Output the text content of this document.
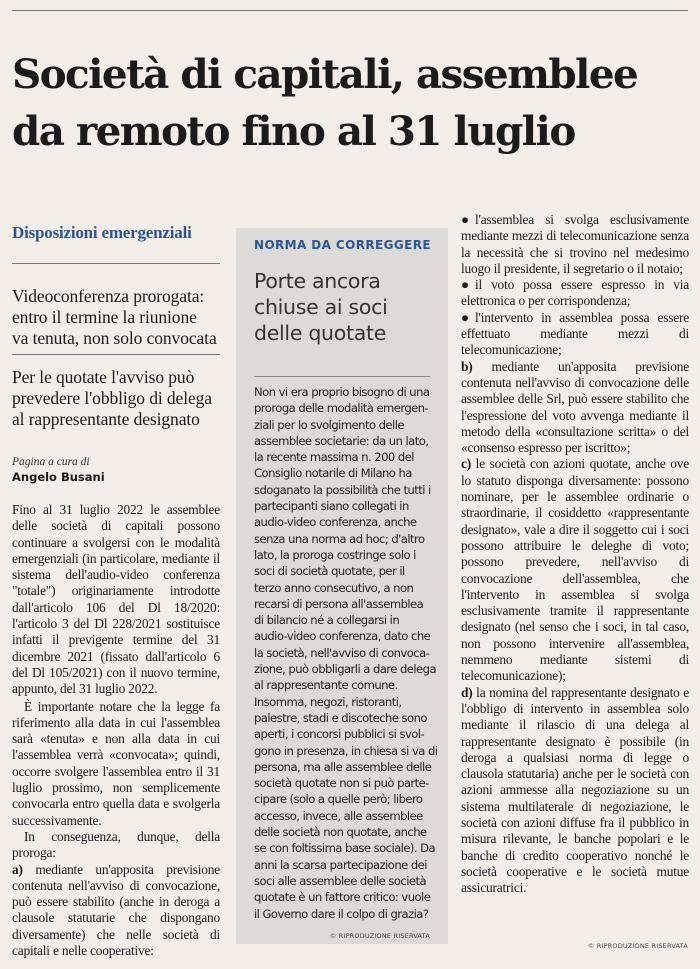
Società di capitali, assemblee
da remoto fino al 31 luglio
Disposizioni emergenziali

Videoconferenza prorogata:
entro il termine la riunione
va tenuta, non solo convocata

Per le quotate l'avviso può
prevedere l'obbligo di delega
al rappresentante designato

Pagina a cura di
Angelo Busani

Fino al 31 luglio 2022 le assemblee delle società di capitali possono continuare a svolgersi con le modalità emergenziali (in particolare, mediante il sistema dell'audio-video conferenza "totale") originariamente introdotte dall'articolo 106 del Dl 18/2020: l'articolo 3 del Dl 228/2021 sostituisce infatti il previgente termine del 31 dicembre 2021 (fissato dall'articolo 6 del Dl 105/2021) con il nuovo termine, appunto, del 31 luglio 2022.

È importante notare che la legge fa riferimento alla data in cui l'assemblea sarà «tenuta» e non alla data in cui l'assemblea verrà «convocata»; quindi, occorre svolgere l'assemblea entro il 31 luglio prossimo, non semplicemente convocarla entro quella data e svolgerla successivamente.

In conseguenza, dunque, della proroga:

a) mediante un'apposita previsione contenuta nell'avviso di convocazione, può essere stabilito (anche in deroga a clausole statutarie che dispongano diversamente) che nelle società di capitali e nelle cooperative:

NORMA DA CORREGGERE
Porte ancora
chiuse ai soci
delle quotate

Non vi era proprio bisogno di una
proroga delle modalità emergen-
ziali per lo svolgimento delle
assemblee societarie: da un lato,
la recente massima n. 200 del
Consiglio notarile di Milano ha
sdoganato la possibilità che tutti i
partecipanti siano collegati in
audio-video conferenza, anche
senza una norma ad hoc; d'altro
lato, la proroga costringe solo i
soci di società quotate, per il
terzo anno consecutivo, a non
recarsi di persona all'assemblea
di bilancio né a collegarsi in
audio-video conferenza, dato che
la società, nell'avviso di convoca-
zione, può obbligarli a dare delega
al rappresentante comune.
Insomma, negozi, ristoranti,
palestre, stadi e discoteche sono
aperti, i concorsi pubblici si svol-
gono in presenza, in chiesa si va di
persona, ma alle assemblee delle
società quotate non si può parte-
cipare (solo a quelle però; libero
accesso, invece, alle assemblee
delle società non quotate, anche
se con foltissima base sociale). Da
anni la scarsa partecipazione dei
soci alle assemblee delle società
quotate è un fattore critico: vuole
il Governo dare il colpo di grazia?

© RIPRODUZIONE RISERVATA

● l'assemblea si svolga esclusivamente mediante mezzi di telecomunicazione senza la necessità che si trovino nel medesimo luogo il presidente, il segretario o il notaio;

● il voto possa essere espresso in via elettronica o per corrispondenza;

● l'intervento in assemblea possa essere effettuato mediante mezzi di telecomunicazione;

b) mediante un'apposita previsione contenuta nell'avviso di convocazione delle assemblee delle Srl, può essere stabilito che l'espressione del voto avvenga mediante il metodo della «consultazione scritta» o del «consenso espresso per iscritto»;

c) le società con azioni quotate, anche ove lo statuto disponga diversamente: possono nominare, per le assemblee ordinarie o straordinarie, il cosiddetto «rappresentante designato», vale a dire il soggetto cui i soci possono attribuire le deleghe di voto; possono prevedere, nell'avviso di convocazione dell'assemblea, che l'intervento in assemblea si svolga esclusivamente tramite il rappresentante designato (nel senso che i soci, in tal caso, non possono intervenire all'assemblea, nemmeno mediante sistemi di telecomunicazione);

d) la nomina del rappresentante designato e l'obbligo di intervento in assemblea solo mediante il rilascio di una delega al rappresentante designato è possibile (in deroga a qualsiasi norma di legge o clausola statutaria) anche per le società con azioni ammesse alla negoziazione su un sistema multilaterale di negoziazione, le società con azioni diffuse fra il pubblico in misura rilevante, le banche popolari e le banche di credito cooperativo nonché le società cooperative e le società mutue assicuratrici.

© RIPRODUZIONE RISERVATA
